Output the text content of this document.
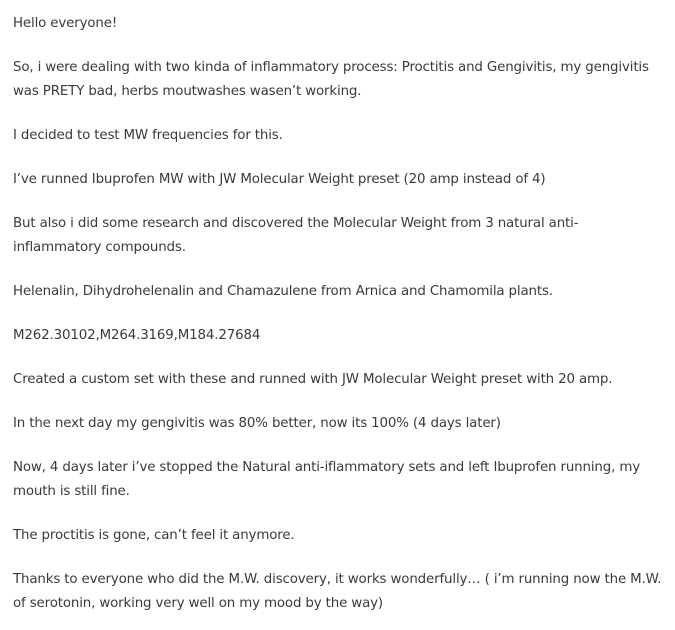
Hello everyone!

So, i were dealing with two kinda of inflammatory process: Proctitis and Gengivitis, my gengivitis was PRETY bad, herbs moutwashes wasen’t working.

I decided to test MW frequencies for this.

I’ve runned Ibuprofen MW with JW Molecular Weight preset (20 amp instead of 4)

But also i did some research and discovered the Molecular Weight from 3 natural anti-inflammatory compounds.

Helenalin, Dihydrohelenalin and Chamazulene from Arnica and Chamomila plants.

M262.30102,M264.3169,M184.27684

Created a custom set with these and runned with JW Molecular Weight preset with 20 amp.

In the next day my gengivitis was 80% better, now its 100% (4 days later)

Now, 4 days later i’ve stopped the Natural anti-iflammatory sets and left Ibuprofen running, my mouth is still fine.

The proctitis is gone, can’t feel it anymore.

Thanks to everyone who did the M.W. discovery, it works wonderfully… ( i’m running now the M.W. of serotonin, working very well on my mood by the way)
